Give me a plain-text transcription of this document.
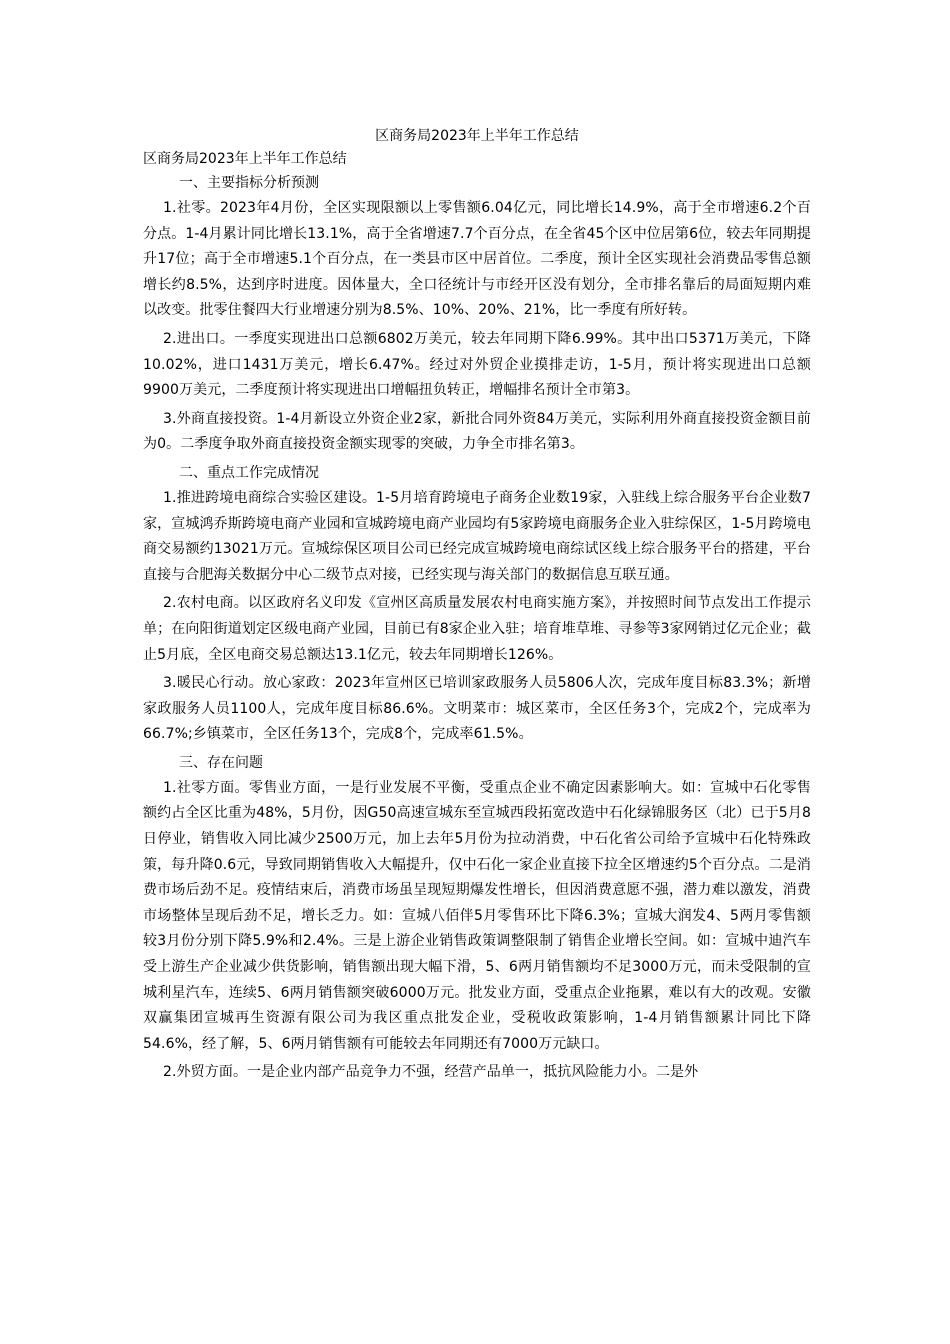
区商务局2023年上半年工作总结
区商务局2023年上半年工作总结
一、主要指标分析预测

1.社零。2023年4月份，全区实现限额以上零售额6.04亿元，同比增长14.9%，高于全市增速6.2个百分点。1-4月累计同比增长13.1%，高于全省增速7.7个百分点，在全省45个区中位居第6位，较去年同期提升17位；高于全市增速5.1个百分点，在一类县市区中居首位。二季度，预计全区实现社会消费品零售总额增长约8.5%，达到序时进度。因体量大，全口径统计与市经开区没有划分，全市排名靠后的局面短期内难以改变。批零住餐四大行业增速分别为8.5%、10%、20%、21%，比一季度有所好转。

2.进出口。一季度实现进出口总额6802万美元，较去年同期下降6.99%。其中出口5371万美元，下降10.02%，进口1431万美元，增长6.47%。经过对外贸企业摸排走访，1-5月，预计将实现进出口总额9900万美元，二季度预计将实现进出口增幅扭负转正，增幅排名预计全市第3。

3.外商直接投资。1-4月新设立外资企业2家，新批合同外资84万美元，实际利用外商直接投资金额目前为0。二季度争取外商直接投资金额实现零的突破，力争全市排名第3。

二、重点工作完成情况

1.推进跨境电商综合实验区建设。1-5月培育跨境电子商务企业数19家，入驻线上综合服务平台企业数7家，宣城鸿乔斯跨境电商产业园和宣城跨境电商产业园均有5家跨境电商服务企业入驻综保区，1-5月跨境电商交易额约13021万元。宣城综保区项目公司已经完成宣城跨境电商综试区线上综合服务平台的搭建，平台直接与合肥海关数据分中心二级节点对接，已经实现与海关部门的数据信息互联互通。

2.农村电商。以区政府名义印发《宣州区高质量发展农村电商实施方案》，并按照时间节点发出工作提示单；在向阳街道划定区级电商产业园，目前已有8家企业入驻；培育堆草堆、寻参等3家网销过亿元企业；截止5月底，全区电商交易总额达13.1亿元，较去年同期增长126%。

3.暖民心行动。放心家政：2023年宣州区已培训家政服务人员5806人次，完成年度目标83.3%；新增家政服务人员1100人，完成年度目标86.6%。文明菜市：城区菜市，全区任务3个，完成2个，完成率为66.7%;乡镇菜市，全区任务13个，完成8个，完成率61.5%。

三、存在问题

1.社零方面。零售业方面，一是行业发展不平衡，受重点企业不确定因素影响大。如：宣城中石化零售额约占全区比重为48%，5月份，因G50高速宣城东至宣城西段拓宽改造中石化绿锦服务区（北）已于5月8日停业，销售收入同比减少2500万元，加上去年5月份为拉动消费，中石化省公司给予宣城中石化特殊政策，每升降0.6元，导致同期销售收入大幅提升，仅中石化一家企业直接下拉全区增速约5个百分点。二是消费市场后劲不足。疫情结束后，消费市场虽呈现短期爆发性增长，但因消费意愿不强，潜力难以激发，消费市场整体呈现后劲不足，增长乏力。如：宣城八佰伴5月零售环比下降6.3%；宣城大润发4、5两月零售额较3月份分别下降5.9%和2.4%。三是上游企业销售政策调整限制了销售企业增长空间。如：宣城中迪汽车受上游生产企业减少供货影响，销售额出现大幅下滑，5、6两月销售额均不足3000万元，而未受限制的宣城利星汽车，连续5、6两月销售额突破6000万元。批发业方面，受重点企业拖累，难以有大的改观。安徽双赢集团宣城再生资源有限公司为我区重点批发企业，受税收政策影响，1-4月销售额累计同比下降54.6%，经了解，5、6两月销售额有可能较去年同期还有7000万元缺口。

2.外贸方面。一是企业内部产品竞争力不强，经营产品单一，抵抗风险能力小。二是外
